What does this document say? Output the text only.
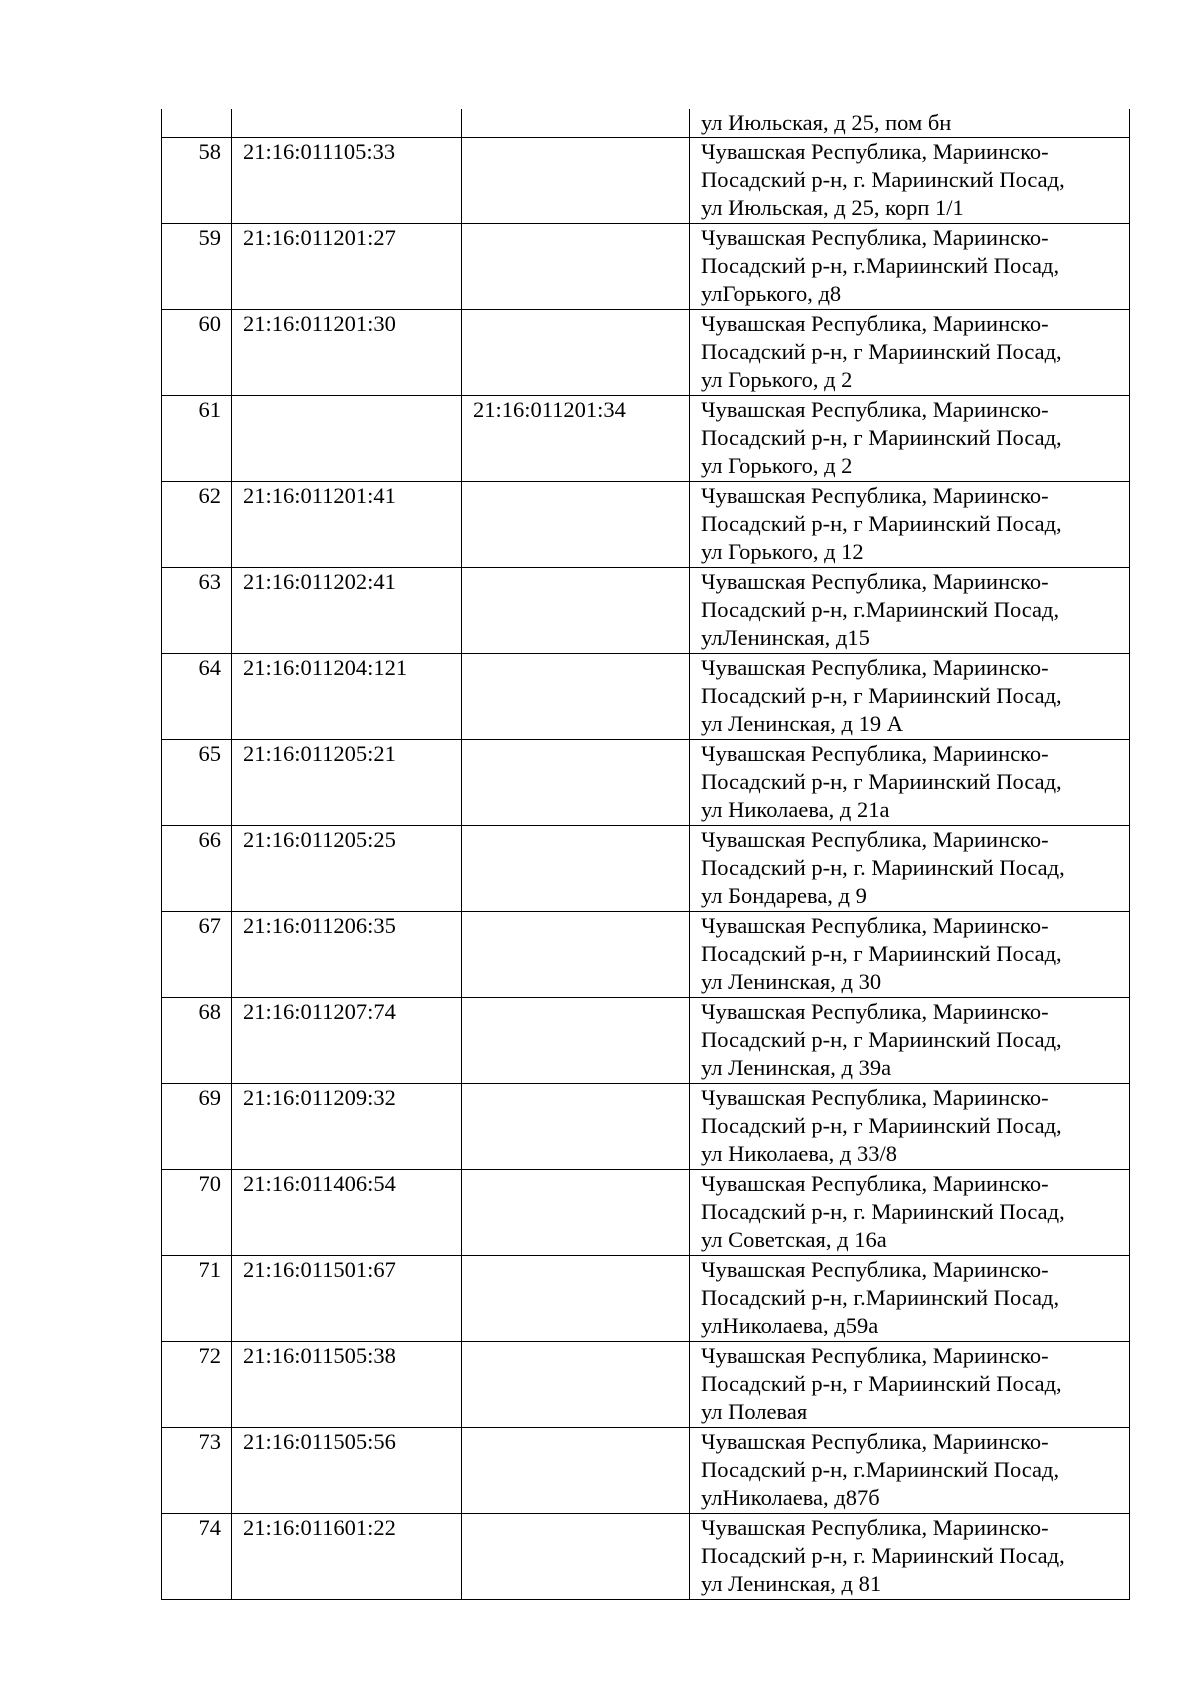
			ул Июльская, д 25, пом бн

58	21:16:011105:33		Чувашская Республика, Мариинско-
Посадский р-н, г. Мариинский Посад,
ул Июльская, д 25, корп 1/1

59	21:16:011201:27		Чувашская Республика, Мариинско-
Посадский р-н, г.Мариинский Посад,
улГорького, д8

60	21:16:011201:30		Чувашская Республика, Мариинско-
Посадский р-н, г Мариинский Посад,
ул Горького, д 2

61		21:16:011201:34	Чувашская Республика, Мариинско-
Посадский р-н, г Мариинский Посад,
ул Горького, д 2

62	21:16:011201:41		Чувашская Республика, Мариинско-
Посадский р-н, г Мариинский Посад,
ул Горького, д 12

63	21:16:011202:41		Чувашская Республика, Мариинско-
Посадский р-н, г.Мариинский Посад,
улЛенинская, д15

64	21:16:011204:121		Чувашская Республика, Мариинско-
Посадский р-н, г Мариинский Посад,
ул Ленинская, д 19 А

65	21:16:011205:21		Чувашская Республика, Мариинско-
Посадский р-н, г Мариинский Посад,
ул Николаева, д 21а

66	21:16:011205:25		Чувашская Республика, Мариинско-
Посадский р-н, г. Мариинский Посад,
ул Бондарева, д 9

67	21:16:011206:35		Чувашская Республика, Мариинско-
Посадский р-н, г Мариинский Посад,
ул Ленинская, д 30

68	21:16:011207:74		Чувашская Республика, Мариинско-
Посадский р-н, г Мариинский Посад,
ул Ленинская, д 39а

69	21:16:011209:32		Чувашская Республика, Мариинско-
Посадский р-н, г Мариинский Посад,
ул Николаева, д 33/8

70	21:16:011406:54		Чувашская Республика, Мариинско-
Посадский р-н, г. Мариинский Посад,
ул Советская, д 16а

71	21:16:011501:67		Чувашская Республика, Мариинско-
Посадский р-н, г.Мариинский Посад,
улНиколаева, д59а

72	21:16:011505:38		Чувашская Республика, Мариинско-
Посадский р-н, г Мариинский Посад,
ул Полевая

73	21:16:011505:56		Чувашская Республика, Мариинско-
Посадский р-н, г.Мариинский Посад,
улНиколаева, д87б

74	21:16:011601:22		Чувашская Республика, Мариинско-
Посадский р-н, г. Мариинский Посад,
ул Ленинская, д 81
